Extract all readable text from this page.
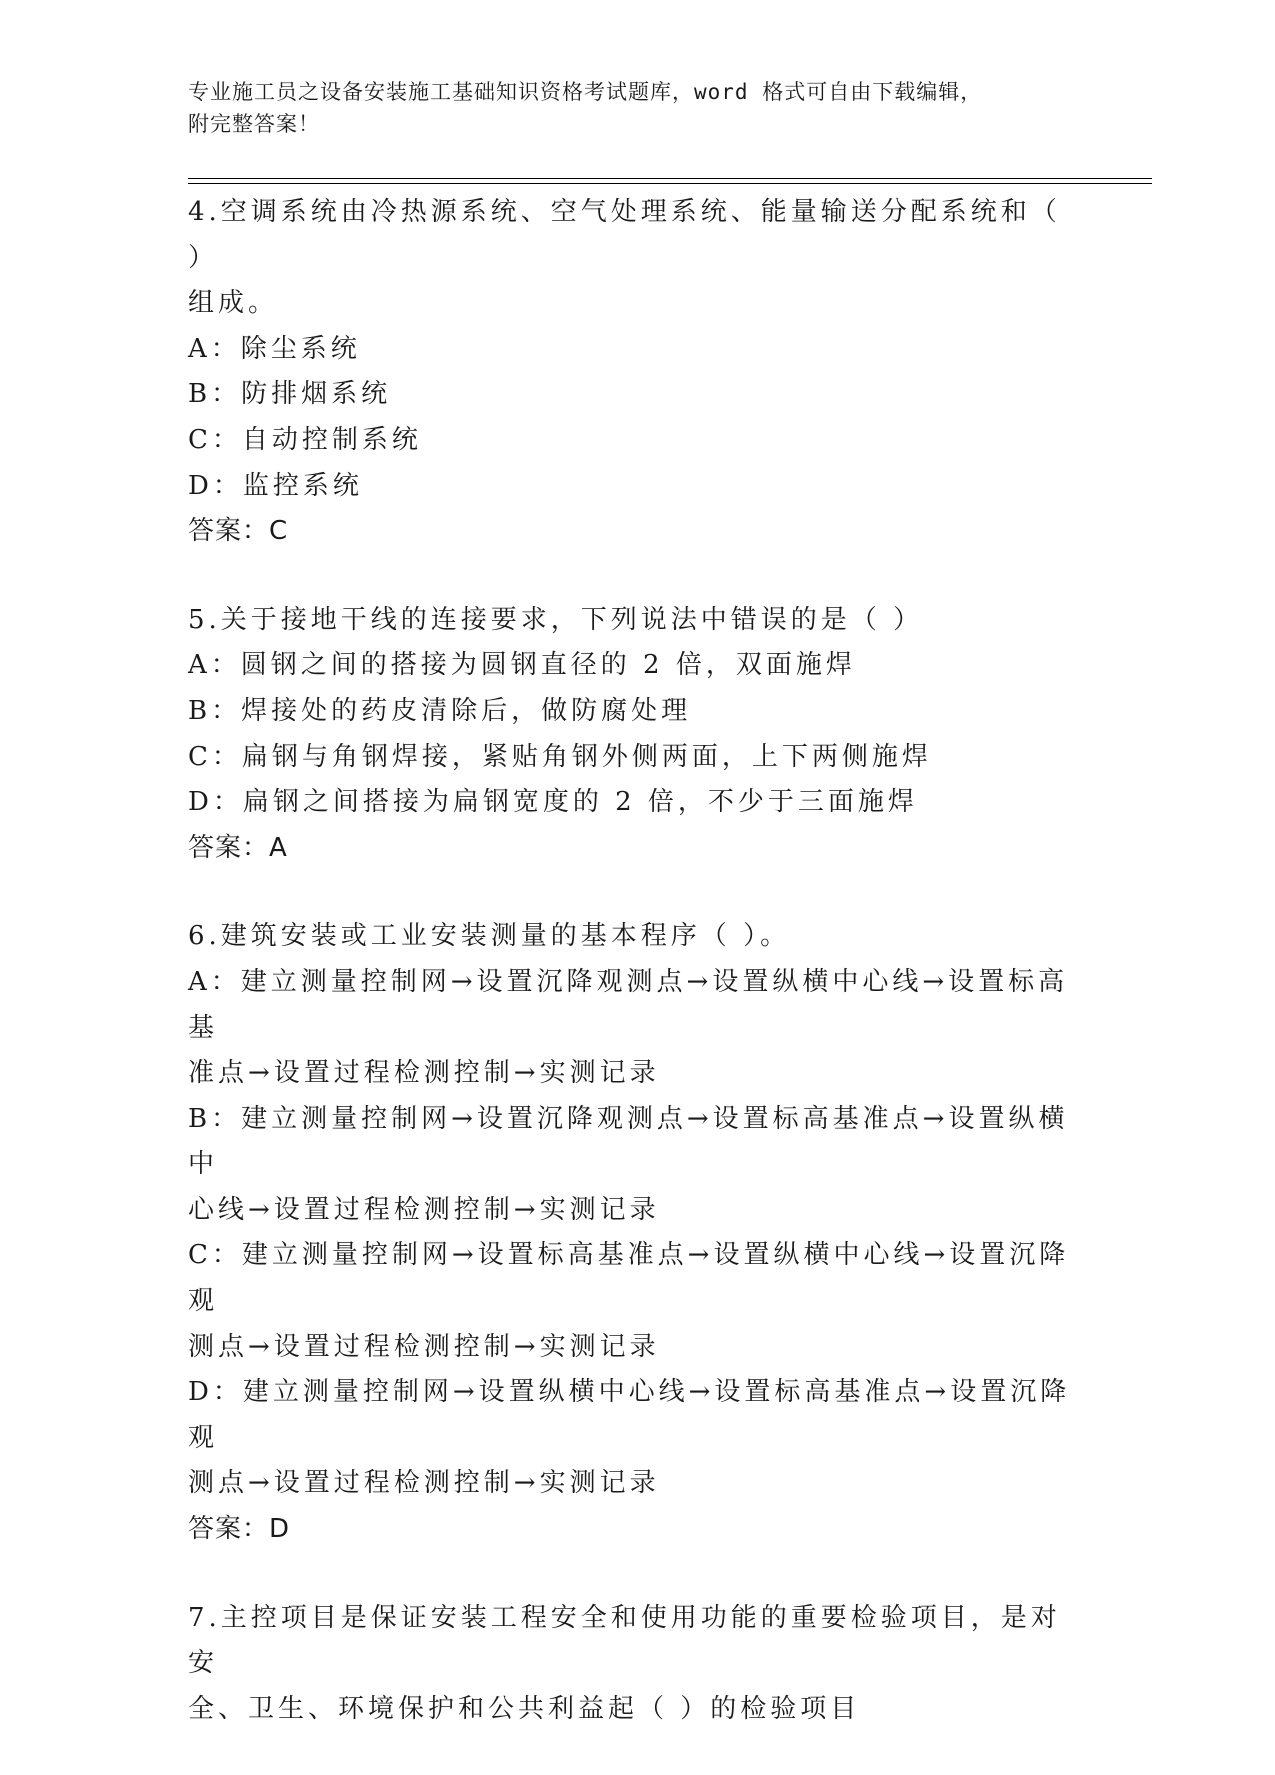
专业施工员之设备安装施工基础知识资格考试题库，word 格式可自由下载编辑，
附完整答案！
4.空调系统由冷热源系统、空气处理系统、能量输送分配系统和（ ）
组成。
A：除尘系统
B：防排烟系统
C：自动控制系统
D：监控系统
答案：C
5.关于接地干线的连接要求，下列说法中错误的是（ ）
A：圆钢之间的搭接为圆钢直径的 2 倍，双面施焊
B：焊接处的药皮清除后，做防腐处理
C：扁钢与角钢焊接，紧贴角钢外侧两面，上下两侧施焊
D：扁钢之间搭接为扁钢宽度的 2 倍，不少于三面施焊
答案：A
6.建筑安装或工业安装测量的基本程序（ ）。
A：建立测量控制网→设置沉降观测点→设置纵横中心线→设置标高基
准点→设置过程检测控制→实测记录
B：建立测量控制网→设置沉降观测点→设置标高基准点→设置纵横中
心线→设置过程检测控制→实测记录
C：建立测量控制网→设置标高基准点→设置纵横中心线→设置沉降观
测点→设置过程检测控制→实测记录
D：建立测量控制网→设置纵横中心线→设置标高基准点→设置沉降观
测点→设置过程检测控制→实测记录
答案：D
7.主控项目是保证安装工程安全和使用功能的重要检验项目，是对安
全、卫生、环境保护和公共利益起（ ）的检验项目
